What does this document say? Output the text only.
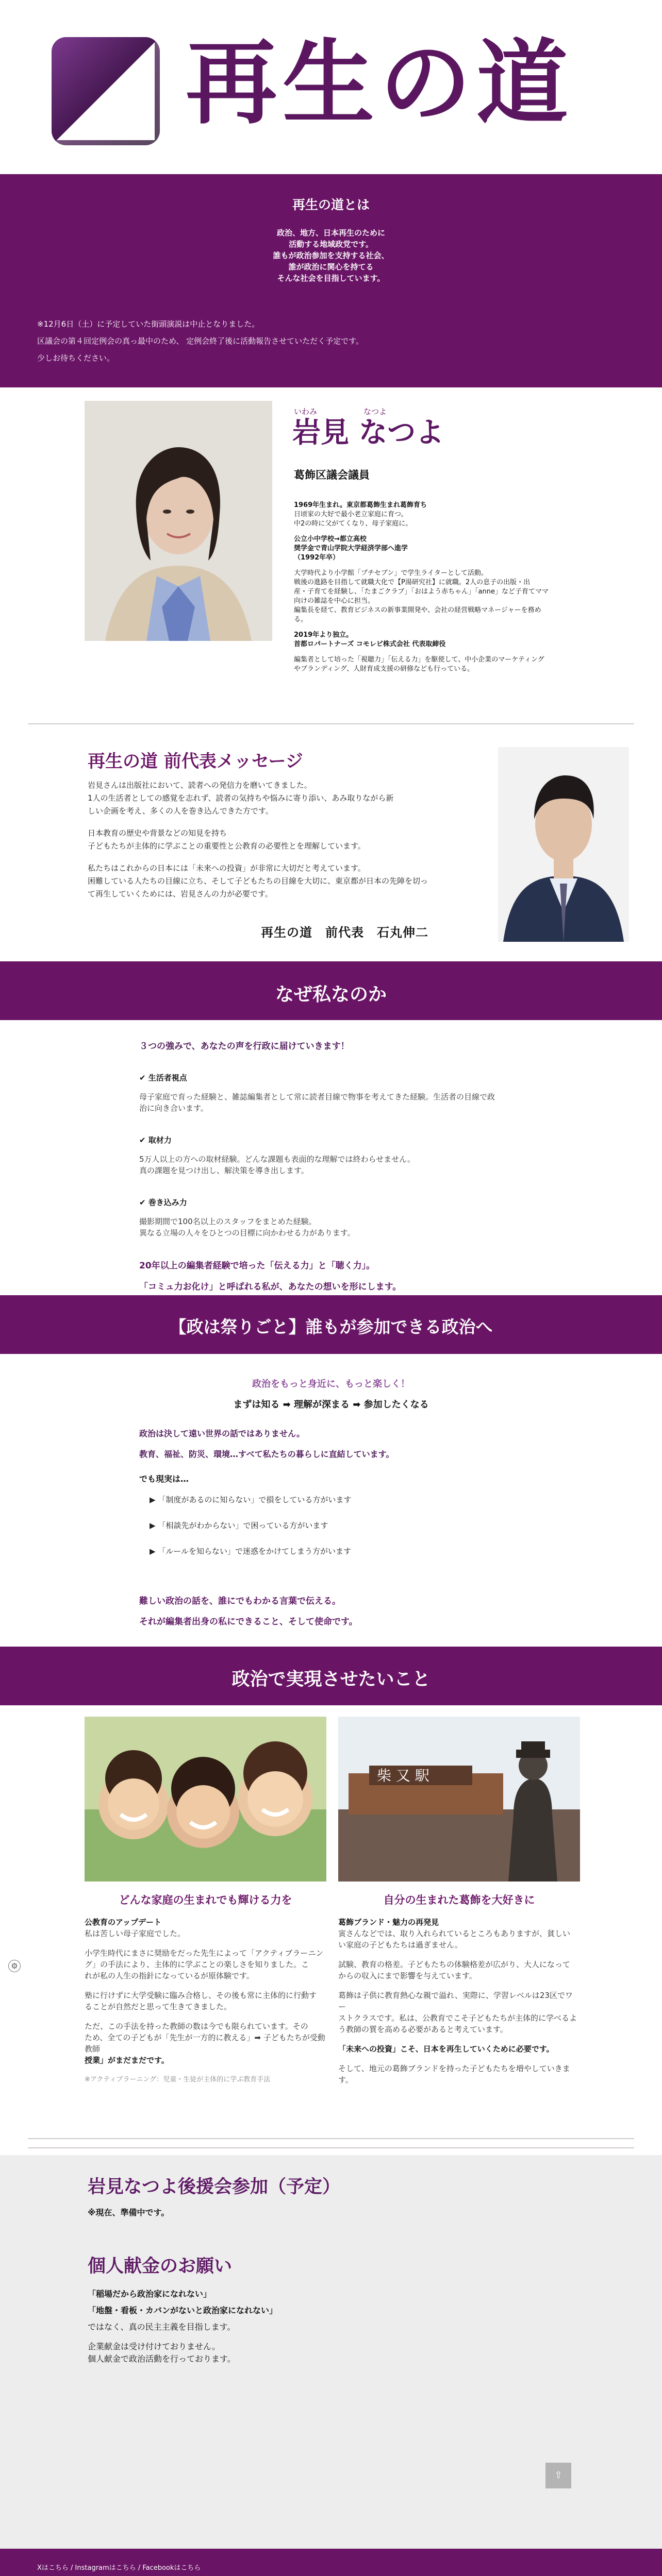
再生の道
再生の道とは
政治、地方、日本再生のために
活動する地域政党です。
誰もが政治参加を支持する社会、
誰が政治に関心を持てる
そんな社会を目指しています。
※12月6日（土）に予定していた街頭演説は中止となりました。
区議会の第４回定例会の真っ最中のため、 定例会終了後に活動報告させていただく予定です。
少しお待ちください。
いわみ	なつよ
岩見 なつよ
葛飾区議会議員

1969年生まれ。東京都葛飾生まれ葛飾育ち
日頃家の大好で最小老立家庭に育つ。
中2の時に父がてくなり、母子家庭に。

公立小中学校→都立高校
奨学金で青山学院大学経済学部へ進学
（1992年卒）

大学時代より小学館「プチセブン」で学生ライターとして活動。
戦後の進路を目指して就職大化で【P湯研究社】に就職。2人の息子の出版・出
産・子育てを経験し、「たまごクラブ」「おはよう赤ちゃん」「anne」など子育てママ
向けの雑誌を中心に担当。
編集長を経て、教育ビジネスの新事業開発や、会社の経営戦略マネージャーを務め
る。

2019年より独立。
首都ロパートナーズ コモレビ株式会社 代表取締役

編集者として培った「視聴力」「伝える力」を駆使して、中小企業のマーケティング
やブランディング、人財育成支援の研修なども行っている。

再生の道 前代表メッセージ

岩見さんは出版社において、読者への発信力を磨いてきました。
1人の生活者としての感覚を志れず、読者の気持ちや悩みに寄り添い、あみ取りながら新
しい企画を考え、多くの人を巻き込んできた方です。

日本教育の歴史や背景などの知見を持ち
子どもたちが主体的に学ぶことの重要性と公教育の必要性とを理解しています。

私たちはこれからの日本には「未来への投資」が非常に大切だと考えています。
困難している人たちの目線に立ち、そして子どもたちの目線を大切に、東京都が日本の先陣を切っ
て再生していくためには、岩見さんの力が必要です。

再生の道　前代表　石丸伸二
なぜ私なのか
３つの強みで、あなたの声を行政に届けていきます！
✔ 生活者視点
母子家庭で育った経験と、雑誌編集者として常に読者目線で物事を考えてきた経験。生活者の目線で政
治に向き合います。
✔ 取材力
5万人以上の方への取材経験。どんな課題も表面的な理解では終わらせません。
真の課題を見つけ出し、解決策を導き出します。
✔ 巻き込み力
撮影期間で100名以上のスタッフをまとめた経験。
異なる立場の人々をひとつの目標に向かわせる力があります。
20年以上の編集者経験で培った「伝える力」と「聴く力」。
「コミュ力お化け」と呼ばれる私が、あなたの想いを形にします。
【政は祭りごと】誰もが参加できる政治へ
政治をもっと身近に、もっと楽しく！
まずは知る ➡ 理解が深まる ➡ 参加したくなる
政治は決して遠い世界の話ではありません。
教育、福祉、防災、環境…すべて私たちの暮らしに直結しています。
でも現実は…
▶ 「制度があるのに知らない」で損をしている方がいます
▶ 「相談先がわからない」で困っている方がいます
▶ 「ルールを知らない」で迷惑をかけてしまう方がいます
難しい政治の話を、誰にでもわかる言葉で伝える。
それが編集者出身の私にできること、そして使命です。
政治で実現させたいこと
どんな家庭の生まれでも輝ける力を

公教育のアップデート
私は苦しい母子家庭でした。

小学生時代にまさに奨励をだった先生によって「アクティブラーニン
グ」の手法により、主体的に学ぶことの楽しさを知りました。こ
れが私の人生の指針になっているが原体験です。

塾に行けずに大学受験に臨み合格し、その後も常に主体的に行動す
ることが自然だと思って生きてきました。

ただ、この手法を持った教師の数は今でも限られています。その
ため、全ての子どもが「先生が一方的に教える」➡ 子どもたちが受動教師
授業」がまだまだです。

※アクティブラーニング：児童・生徒が主体的に学ぶ教育手法

柴 又 駅
自分の生まれた葛飾を大好きに

葛飾ブランド・魅力の再発見
寅さんなどでは、取り入れられているところもありますが、貧しい
い家庭の子どもたちは過ぎません。

試験、教育の格差。子どもたちの体験格差が広がり、大人になって
からの収入にまで影響を与えています。

葛飾は子供に教育熱心な親で溢れ、実際に、学習レベルは23区でワー
ストクラスです。私は、公教育でこそ子どもたちが主体的に学べるよ
う教師の質を高める必要があると考えています。

「未来への投資」こそ、日本を再生していくために必要です。

そして、地元の葛飾ブランドを持った子どもたちを増やしていきま す。

⚙
岩見なつよ後援会参加（予定）
※現在、準備中です。
個人献金のお願い
「稲場だから政治家になれない」
「地盤・看板・カバンがないと政治家になれない」
ではなく、真の民主主義を目指します。
企業献金は受け付けておりません。
個人献金で政治活動を行っております。
⇧
Xはこちら / Instagramはこちら / Facebookはこちら
